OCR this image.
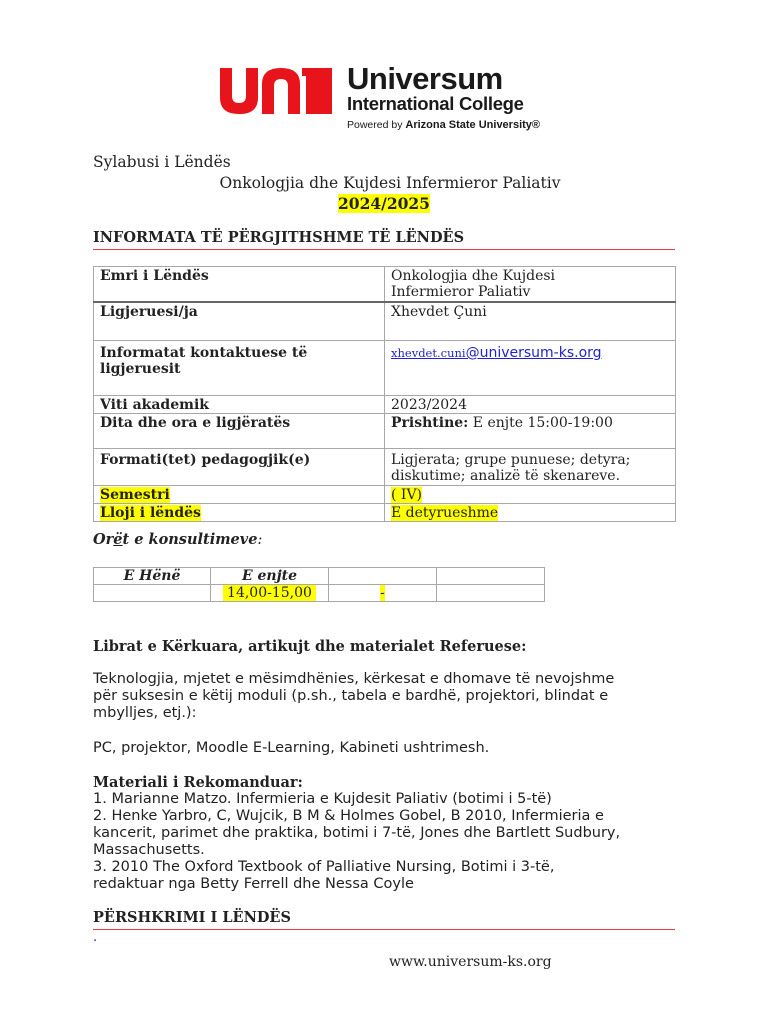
Universum
International College
Powered by Arizona State University®
Sylabusi i Lëndës
Onkologjia dhe Kujdesi Infermieror Paliativ
2024/2025
INFORMATA TË PËRGJITHSHME TË LËNDËS
Emri i Lëndës	Onkologjia dhe Kujdesi
Infermieror Paliativ

Ligjeruesi/ja	Xhevdet Çuni

Informatat kontaktuese të
ligjeruesit	xhevdet.cuni@universum-ks.org
Viti akademik	2023/2024
Dita dhe ora e ligjëratës	Prishtine: E enjte 15:00-19:00
Formati(tet) pedagogjik(e)	Ligjerata; grupe punuese; detyra;
diskutime; analizë të skenareve.

Semestri	( IV)
Lloji i lëndës	E detyrueshme
Orët e konsultimeve:
E Hënë	E enjte		
	14,00-15,00	-	
Librat e Kërkuara, artikujt dhe materialet Referuese:
Teknologjia, mjetet e mësimdhënies, kërkesat e dhomave të nevojshme
për suksesin e këtij moduli (p.sh., tabela e bardhë, projektori, blindat e
mbylljes, etj.):
PC, projektor, Moodle E-Learning, Kabineti ushtrimesh.
Materiali i Rekomanduar:
1. Marianne Matzo. Infermieria e Kujdesit Paliativ (botimi i 5-të)
2. Henke Yarbro, C, Wujcik, B M & Holmes Gobel, B 2010, Infermieria e
kancerit, parimet dhe praktika, botimi i 7-të, Jones dhe Bartlett Sudbury,
Massachusetts.
3. 2010 The Oxford Textbook of Palliative Nursing, Botimi i 3-të,
redaktuar nga Betty Ferrell dhe Nessa Coyle
PËRSHKRIMI I LËNDËS
.
www.universum-ks.org
